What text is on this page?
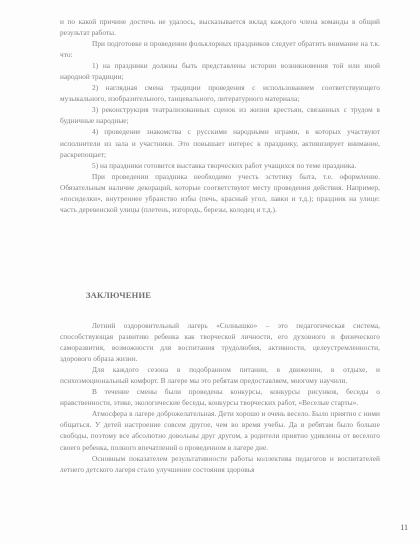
и по какой причине достичь не удалось, высказывается вклад каждого члена команды в общий результат работы.

При подготовке и проведении фольклорных праздников следует обратить внимание на т.к. что:

1) на праздники должны быть представлены истории возникновения той или иной народной традиции;

2) наглядная смена традиции проведения с использованием соответствующего музыкального, изобразительного, танцевального, литературного материала;

3) реконструкция театрализованных сценок из жизни крестьян, связанных с трудом в будничные народные;

4) проведение знакомства с русскими народными играми, в которых участвуют исполнители из зала и участники. Это повышает интерес к празднику, активизирует внимание, раскрепощает;

5) на праздники готовится выставка творческих работ учащихся по теме праздника.

При проведении праздника необходимо учесть эстетику быта, т.е. оформление. Обязательным наличие декораций, которые соответствуют месту проведения действия. Например, «посиделки», внутреннее убранство избы (печь, красный угол, лавки и т.д.); праздник на улице: часть деревенской улицы (плетень, изгородь, березы, колодец и т.д.).

ЗАКЛЮЧЕНИЕ

Летний оздоровительный лагерь «Солнышко» – это педагогическая система, способствующая развитию ребенка как творческой личности, его духовного и физического саморазвития, возможности для воспитания трудолюбия, активности, целеустремленности, здорового образа жизни.

Для каждого сезона в подобранном питании, в движении, в отдыхе, и психоэмоциональный комфорт. В лагере мы это ребятам предоставляем, многому научили.

В течение смены были проведены конкурсы, конкурсы рисунков, беседы о нравственности, этике, экологические беседы, конкурсы творческих работ, «Веселые старты».

Атмосфера в лагере доброжелательная. Дети хорошо и очень весело. Было приятно с ними общаться. У детей настроение совсем другое, чем во время учебы. Да и ребятам было больше свободы, поэтому все абсолютно довольны друг другом, а родители приятно удивлены от веселого своего ребенка, полного впечатлений о проведенном в лагере дне.

Основным показателем результативности работы коллектива педагогов и воспитателей летнего детского лагеря стало улучшение состояния здоровья

11
